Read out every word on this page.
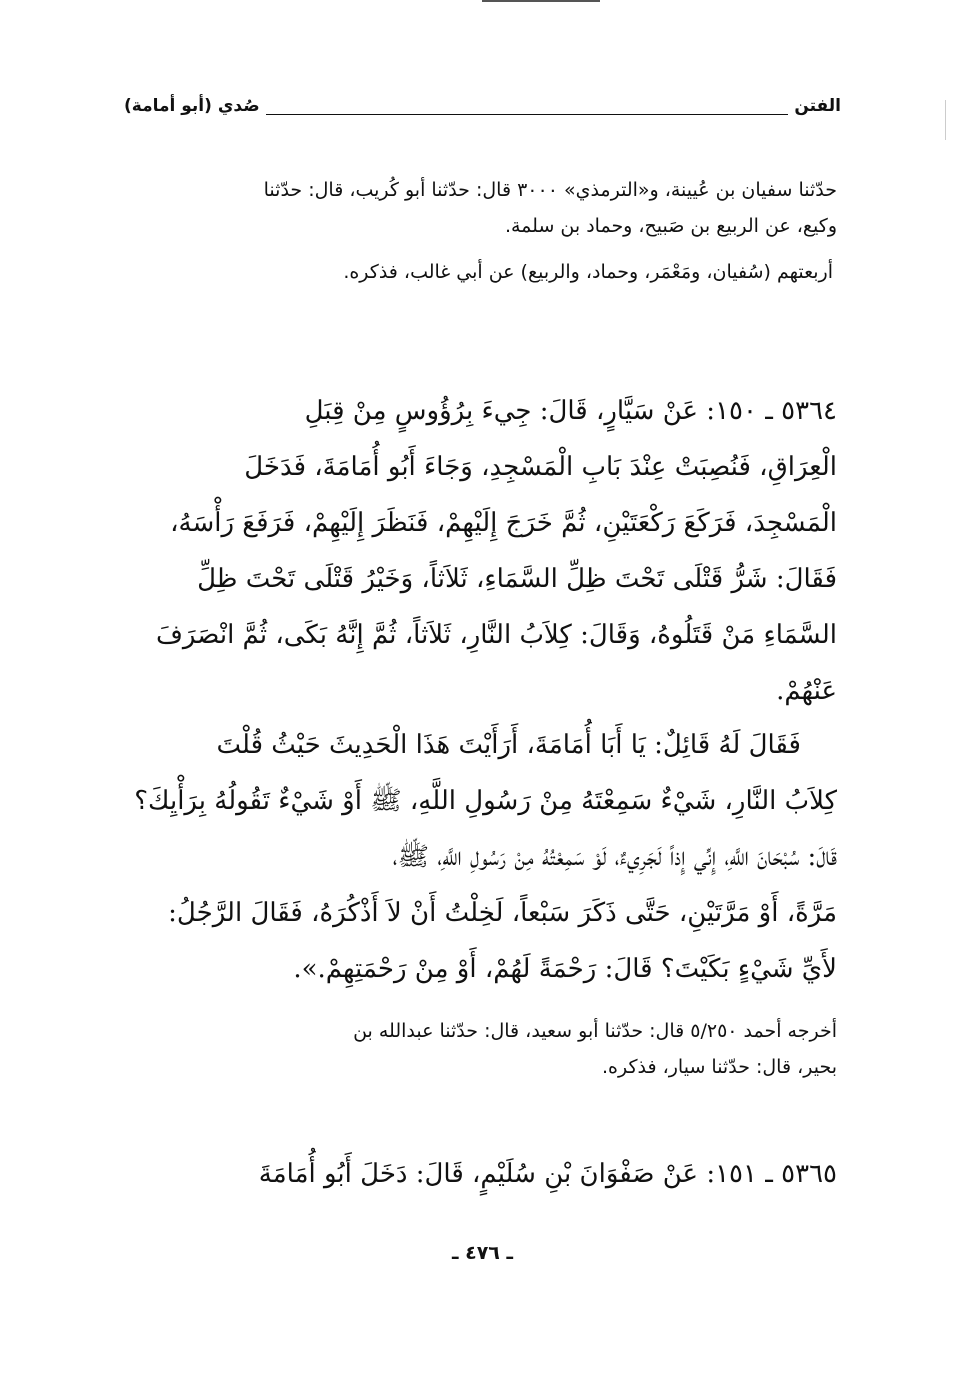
الفتن
صُدي (أبو أمامة)
حدّثنا سفيان بن عُيينة، و«الترمذي» ٣٠٠٠ قال: حدّثنا أبو كُريب، قال: حدّثنا
وكيع، عن الربيع بن صَبيح، وحماد بن سلمة.
أربعتهم (سُفيان، ومَعْمَر، وحماد، والربيع) عن أبي غالب، فذكره.
٥٣٦٤ ـ ١٥٠: عَنْ سَيَّارٍ، قَالَ: جِيءَ بِرُؤُوسٍ مِنْ قِبَلِ
الْعِرَاقِ، فَنُصِبَتْ عِنْدَ بَابِ الْمَسْجِدِ، وَجَاءَ أَبُو أُمَامَةَ، فَدَخَلَ
الْمَسْجِدَ، فَرَكَعَ رَكْعَتَيْنِ، ثُمَّ خَرَجَ إِلَيْهِمْ، فَنَظَرَ إِلَيْهِمْ، فَرَفَعَ رَأْسَهُ،
فَقَالَ: شَرُّ قَتْلَى تَحْتَ ظِلِّ السَّمَاءِ، ثَلاَثاً، وَخَيْرُ قَتْلَى تَحْتَ ظِلِّ
السَّمَاءِ مَنْ قَتَلُوهُ، وَقَالَ: كِلاَبُ النَّارِ، ثَلاَثاً، ثُمَّ إِنَّهُ بَكَى، ثُمَّ انْصَرَفَ
عَنْهُمْ.
فَقَالَ لَهُ قَائِلٌ: يَا أَبَا أُمَامَةَ، أَرَأَيْتَ هَذَا الْحَدِيثَ حَيْثُ قُلْتَ
كِلاَبُ النَّارِ، شَيْءٌ سَمِعْتَهُ مِنْ رَسُولِ اللَّهِ، ﷺ أَوْ شَيْءٌ تَقُولُهُ بِرَأْيِكَ؟
قَالَ: سُبْحَانَ اللَّهِ، إِنِّي إِذاً لَجَرِيءٌ، لَوْ سَمِعْتُهُ مِنْ رَسُولِ اللَّهِ، ﷺ،
مَرَّةً، أَوْ مَرَّتَيْنِ، حَتَّى ذَكَرَ سَبْعاً، لَخِلْتُ أَنْ لاَ أَذْكُرَهُ، فَقَالَ الرَّجُلُ:
لأَيِّ شَيْءٍ بَكَيْتَ؟ قَالَ: رَحْمَةً لَهُمْ، أَوْ مِنْ رَحْمَتِهِمْ.».
أخرجه أحمد ٥/٢٥٠ قال: حدّثنا أبو سعيد، قال: حدّثنا عبدالله بن
بحير، قال: حدّثنا سيار، فذكره.
٥٣٦٥ ـ ١٥١: عَنْ صَفْوَانَ بْنِ سُلَيْمٍ، قَالَ: دَخَلَ أَبُو أُمَامَةَ
ـ ٤٧٦ ـ
